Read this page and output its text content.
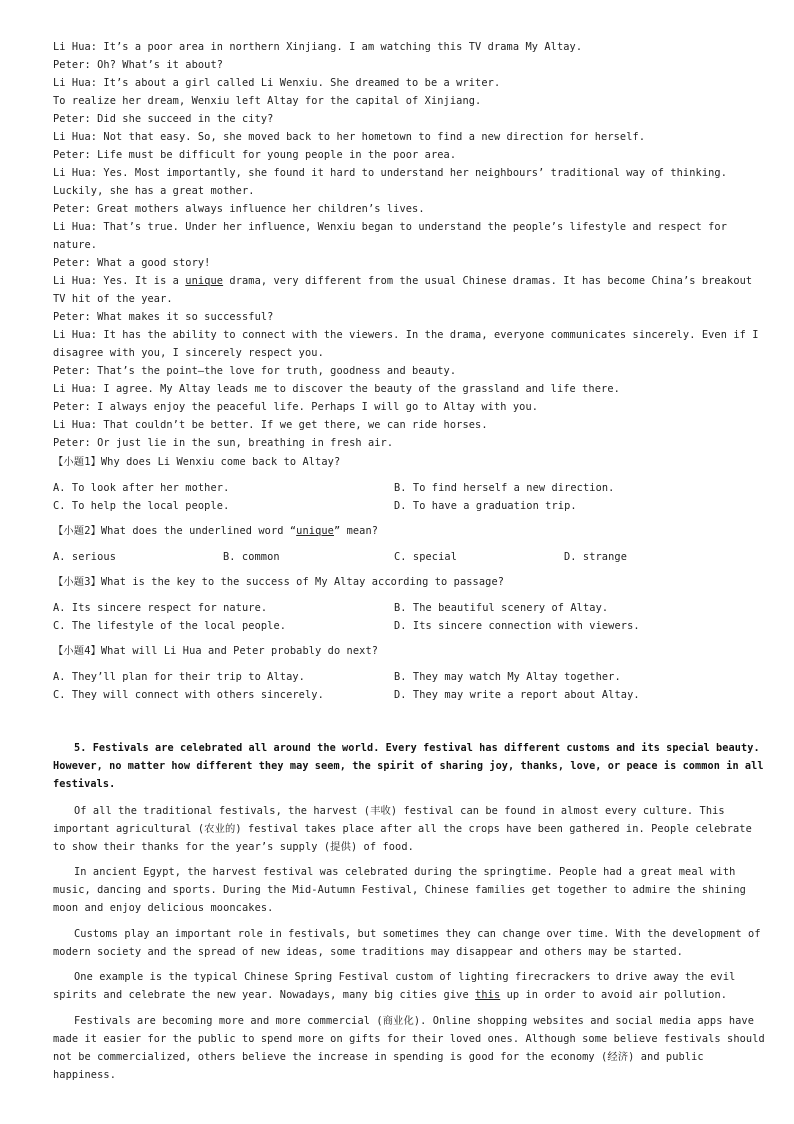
Li Hua: It’s a poor area in northern Xinjiang. I am watching this TV drama My Altay.
Peter: Oh? What’s it about?
Li Hua: It’s about a girl called Li Wenxiu. She dreamed to be a writer.
To realize her dream, Wenxiu left Altay for the capital of Xinjiang.
Peter: Did she succeed in the city?
Li Hua: Not that easy. So, she moved back to her hometown to find a new direction for herself.
Peter: Life must be difficult for young people in the poor area.
Li Hua: Yes. Most importantly, she found it hard to understand her neighbours’ traditional way of thinking.
Luckily, she has a great mother.
Peter: Great mothers always influence her children’s lives.
Li Hua: That’s true. Under her influence, Wenxiu began to understand the people’s lifestyle and respect for
nature.
Peter: What a good story!
Li Hua: Yes. It is a unique drama, very different from the usual Chinese dramas. It has become China’s breakout
TV hit of the year.
Peter: What makes it so successful?
Li Hua: It has the ability to connect with the viewers. In the drama, everyone communicates sincerely. Even if I
disagree with you, I sincerely respect you.
Peter: That’s the point—the love for truth, goodness and beauty.
Li Hua: I agree. My Altay leads me to discover the beauty of the grassland and life there.
Peter: I always enjoy the peaceful life. Perhaps I will go to Altay with you.
Li Hua: That couldn’t be better. If we get there, we can ride horses.
Peter: Or just lie in the sun, breathing in fresh air.
【小题1】Why does Li Wenxiu come back to Altay?
A. To look after her mother.	B. To find herself a new direction.
C. To help the local people.	D. To have a graduation trip.
【小题2】What does the underlined word “unique” mean?
A. serious	B. common	C. special	D. strange
【小题3】What is the key to the success of My Altay according to passage?
A. Its sincere respect for nature.	B. The beautiful scenery of Altay.
C. The lifestyle of the local people.	D. Its sincere connection with viewers.
【小题4】What will Li Hua and Peter probably do next?
A. They’ll plan for their trip to Altay.	B. They may watch My Altay together.
C. They will connect with others sincerely.	D. They may write a report about Altay.
5. Festivals are celebrated all around the world. Every festival has different customs and its special beauty.
However, no matter how different they may seem, the spirit of sharing joy, thanks, love, or peace is common in all
festivals.
Of all the traditional festivals, the harvest (丰收) festival can be found in almost every culture. This
important agricultural (农业的) festival takes place after all the crops have been gathered in. People celebrate
to show their thanks for the year’s supply (提供) of food.
In ancient Egypt, the harvest festival was celebrated during the springtime. People had a great meal with
music, dancing and sports. During the Mid-Autumn Festival, Chinese families get together to admire the shining
moon and enjoy delicious mooncakes.
Customs play an important role in festivals, but sometimes they can change over time. With the development of
modern society and the spread of new ideas, some traditions may disappear and others may be started.
One example is the typical Chinese Spring Festival custom of lighting firecrackers to drive away the evil
spirits and celebrate the new year. Nowadays, many big cities give this up in order to avoid air pollution.
Festivals are becoming more and more commercial (商业化). Online shopping websites and social media apps have
made it easier for the public to spend more on gifts for their loved ones. Although some believe festivals should
not be commercialized, others believe the increase in spending is good for the economy (经济) and public
happiness.
